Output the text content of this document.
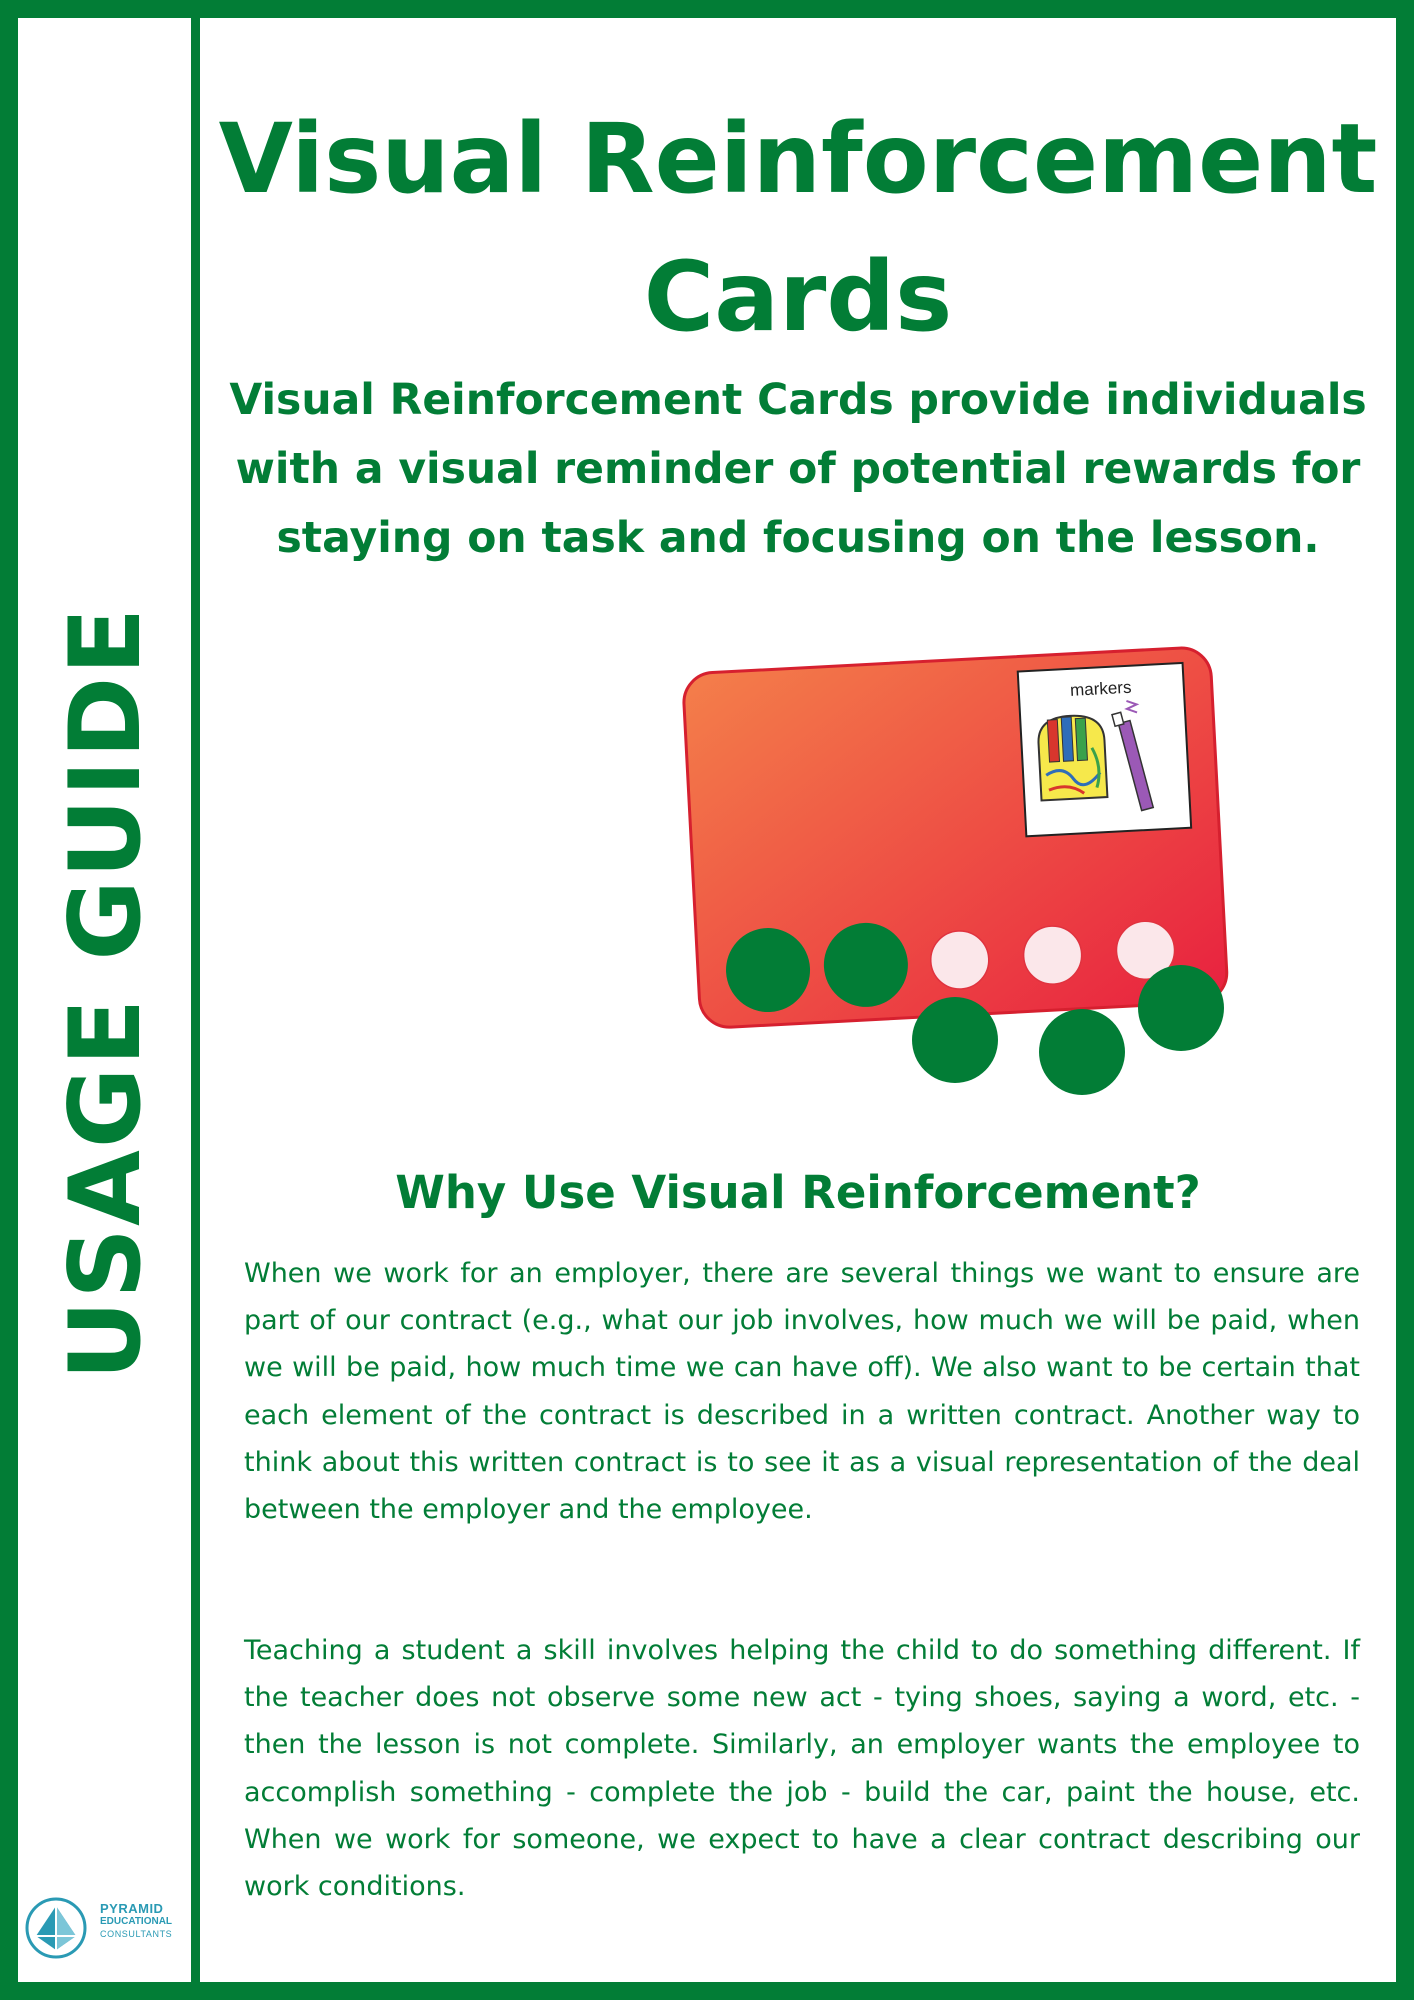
USAGE GUIDE
PYRAMID
EDUCATIONAL
CONSULTANTS
Visual Reinforcement Cards

Visual Reinforcement Cards provide individuals with a visual reminder of potential rewards for staying on task and focusing on the lesson.

markers
Why Use Visual Reinforcement?

When we work for an employer, there are several things we want to ensure are part of our contract (e.g., what our job involves, how much we will be paid, when we will be paid, how much time we can have off). We also want to be certain that each element of the contract is described in a written contract. Another way to think about this written contract is to see it as a visual representation of the deal between the employer and the employee.

Teaching a student a skill involves helping the child to do something different. If the teacher does not observe some new act - tying shoes, saying a word, etc. - then the lesson is not complete. Similarly, an employer wants the employee to accomplish something - complete the job - build the car, paint the house, etc. When we work for someone, we expect to have a clear contract describing our work conditions.
